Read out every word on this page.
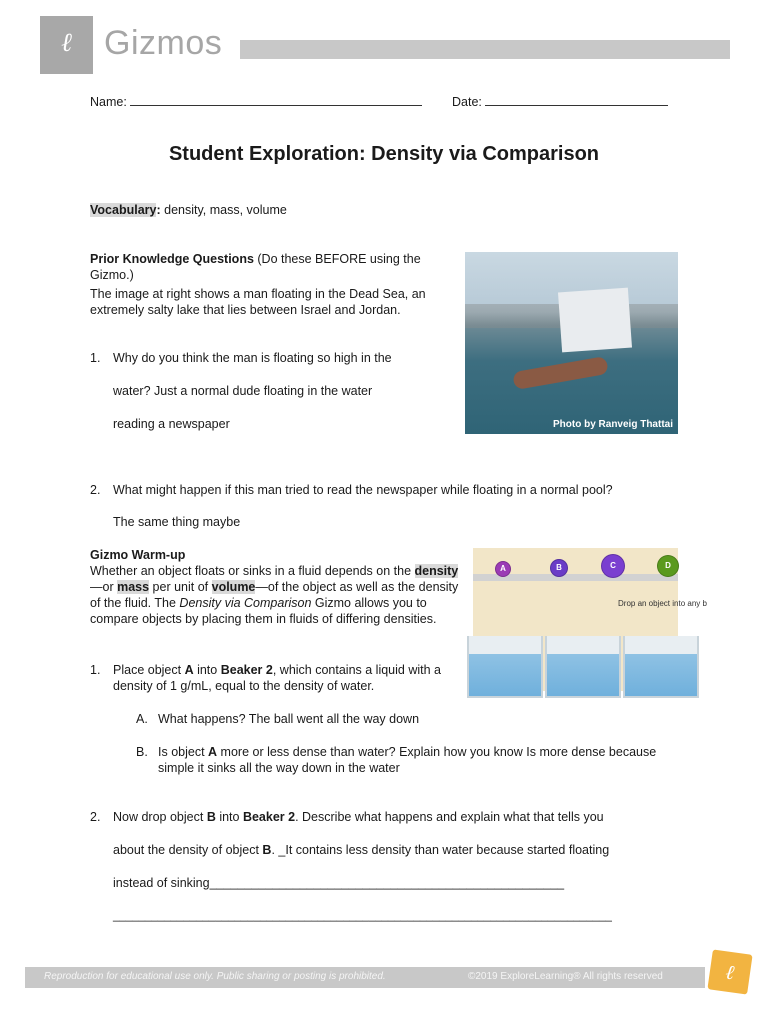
ℓ Gizmos
Name:	Date:
Student Exploration: Density via Comparison
Vocabulary: density, mass, volume
Prior Knowledge Questions (Do these BEFORE using the Gizmo.)
The image at right shows a man floating in the Dead Sea, an extremely salty lake that lies between Israel and Jordan.
1. Why do you think the man is floating so high in the
water? Just a normal dude floating in the water
reading a newspaper	Photo by Ranveig Thattai
2. What might happen if this man tried to read the newspaper while floating in a normal pool?
The same thing maybe
Gizmo Warm-up
Whether an object floats or sinks in a fluid depends on the density—or mass per unit of volume—of the object as well as the density of the fluid. The Density via Comparison Gizmo allows you to compare objects by placing them in fluids of differing densities.
A	B	C	D
Drop an object into any b
1. Place object A into Beaker 2, which contains a liquid with a density of 1 g/mL, equal to the density of water.
A. What happens? The ball went all the way down
B. Is object A more or less dense than water? Explain how you know Is more dense because simple it sinks all the way down in the water
2. Now drop object B into Beaker 2. Describe what happens and explain what that tells you
about the density of object B. _It contains less density than water because started floating
instead of sinking___________________________________________________
______________________________________________________________________________
Reproduction for educational use only. Public sharing or posting is prohibited.	©2019 ExploreLearning® All rights reserved	ℓ
